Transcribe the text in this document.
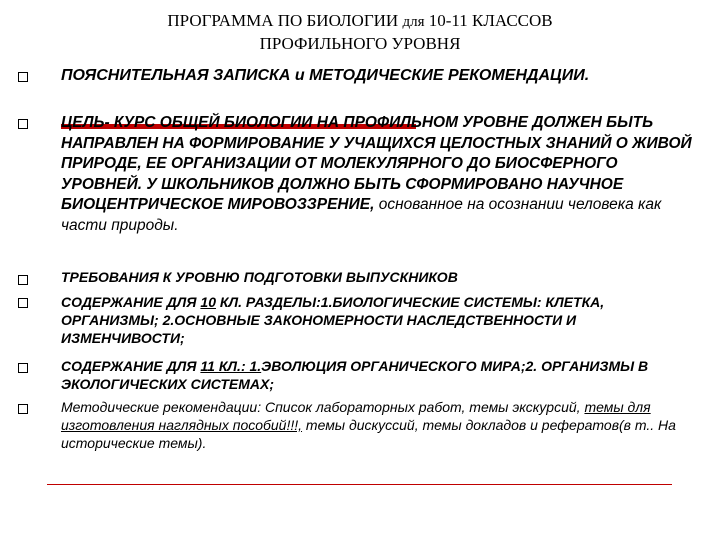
ПРОГРАММА ПО БИОЛОГИИ для 10-11 КЛАССОВ
ПРОФИЛЬНОГО УРОВНЯ
ПОЯСНИТЕЛЬНАЯ ЗАПИСКА и МЕТОДИЧЕСКИЕ РЕКОМЕНДАЦИИ.
ЦЕЛЬ- КУРС ОБЩЕЙ БИОЛОГИИ НА ПРОФИЛЬНОМ УРОВНЕ ДОЛЖЕН БЫТЬ НАПРАВЛЕН НА ФОРМИРОВАНИЕ У УЧАЩИХСЯ ЦЕЛОСТНЫХ ЗНАНИЙ О ЖИВОЙ ПРИРОДЕ, ЕЕ ОРГАНИЗАЦИИ ОТ МОЛЕКУЛЯРНОГО ДО БИОСФЕРНОГО УРОВНЕЙ. У ШКОЛЬНИКОВ ДОЛЖНО БЫТЬ СФОРМИРОВАНО НАУЧНОЕ БИОЦЕНТРИЧЕСКОЕ МИРОВОЗЗРЕНИЕ, основанное на осознании человека как части природы.
ТРЕБОВАНИЯ К УРОВНЮ ПОДГОТОВКИ ВЫПУСКНИКОВ
СОДЕРЖАНИЕ ДЛЯ 10 КЛ. РАЗДЕЛЫ:1.БИОЛОГИЧЕСКИЕ СИСТЕМЫ: КЛЕТКА, ОРГАНИЗМЫ; 2.ОСНОВНЫЕ ЗАКОНОМЕРНОСТИ НАСЛЕДСТВЕННОСТИ И ИЗМЕНЧИВОСТИ;
СОДЕРЖАНИЕ ДЛЯ 11 КЛ.: 1.ЭВОЛЮЦИЯ ОРГАНИЧЕСКОГО МИРА;2. ОРГАНИЗМЫ В ЭКОЛОГИЧЕСКИХ СИСТЕМАХ;
Методические рекомендации: Список лабораторных работ, темы экскурсий, темы для изготовления наглядных пособий!!!, темы дискуссий, темы докладов и рефератов(в т.. На исторические темы).
